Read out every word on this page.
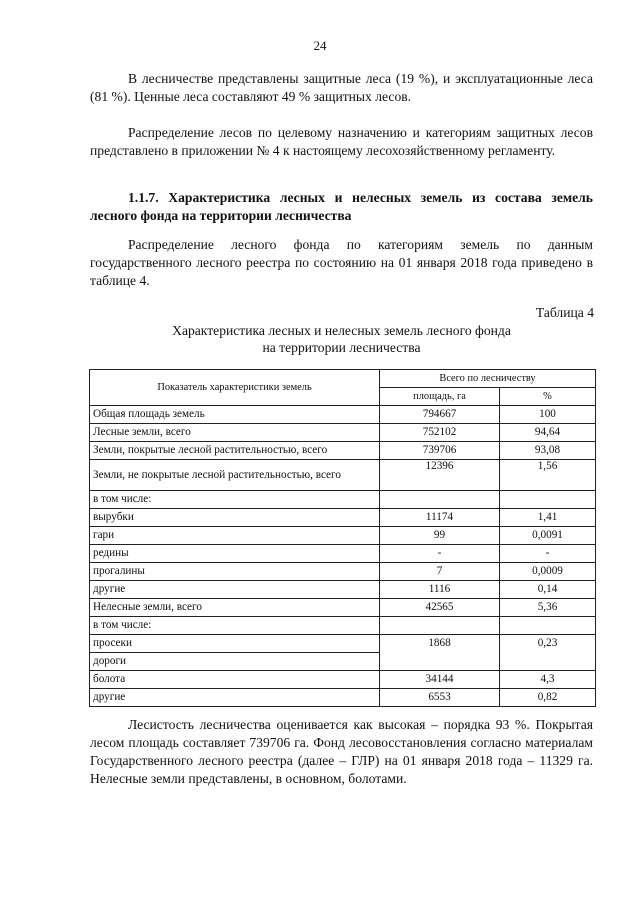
24

В лесничестве представлены защитные леса (19 %), и эксплуатационные леса (81 %). Ценные леса составляют 49 % защитных лесов.

Распределение лесов по целевому назначению и категориям защитных лесов представлено в приложении № 4 к настоящему лесохозяйственному регламенту.

1.1.7. Характеристика лесных и нелесных земель из состава земель лесного фонда на территории лесничества

Распределение лесного фонда по категориям земель по данным государственного лесного реестра по состоянию на 01 января 2018 года приведено в таблице 4.

Таблица 4
Характеристика лесных и нелесных земель лесного фонда
на территории лесничества
Показатель характеристики земель	Всего по лесничеству	
	площадь, га	%
Общая площадь земель	794667	100
Лесные земли, всего	752102	94,64
Земли, покрытые лесной растительностью, всего	739706	93,08
Земли, не покрытые лесной растительностью, всего	12396	1,56
в том числе:		
вырубки	11174	1,41
гари	99	0,0091
редины	-	-
прогалины	7	0,0009
другие	1116	0,14
Нелесные земли, всего	42565	5,36
в том числе:		
просеки	1868	0,23
дороги		
болота	34144	4,3
другие	6553	0,82

Лесистость лесничества оценивается как высокая – порядка 93 %. Покрытая лесом площадь составляет 739706 га. Фонд лесовосстановления согласно материалам Государственного лесного реестра (далее – ГЛР) на 01 января 2018 года – 11329 га. Нелесные земли представлены, в основном, болотами.
